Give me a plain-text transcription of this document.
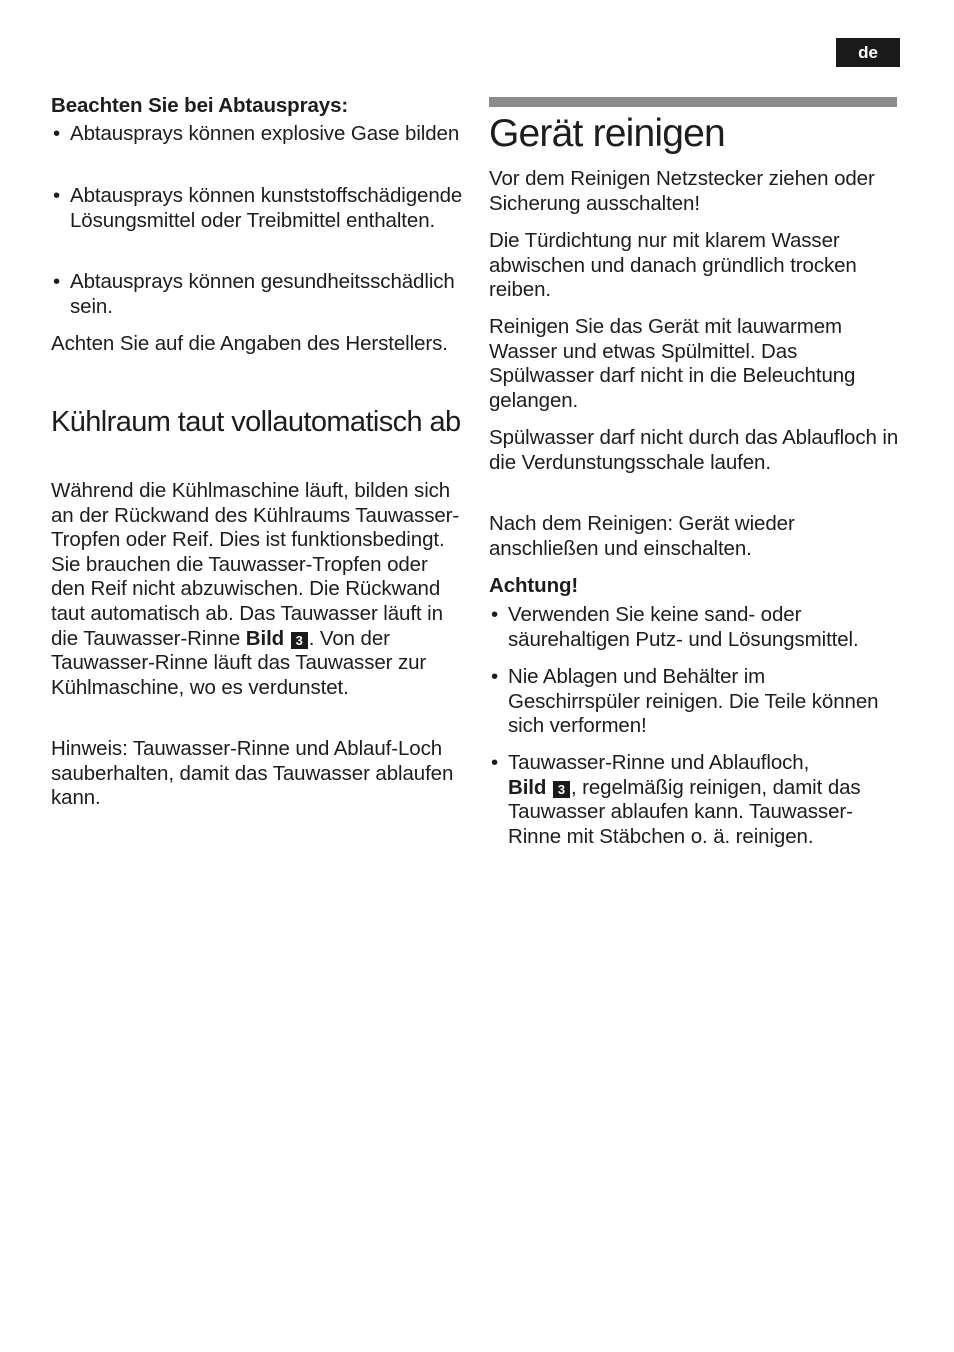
de

Beachten Sie bei Abtausprays:

• Abtausprays können explosive Gase bilden

• Abtausprays können kunststoffschädigende Lösungsmittel oder Treibmittel enthalten.

• Abtausprays können gesundheitsschädlich sein.

Achten Sie auf die Angaben des Herstellers.

Kühlraum taut vollautomatisch ab

Während die Kühlmaschine läuft, bilden sich an der Rückwand des Kühlraums Tauwasser-Tropfen oder Reif. Dies ist funktionsbedingt. Sie brauchen die Tauwasser-Tropfen oder den Reif nicht abzuwischen. Die Rückwand taut automatisch ab. Das Tauwasser läuft in die Tauwasser-Rinne Bild 3 . Von der Tauwasser-Rinne läuft das Tauwasser zur Kühlmaschine, wo es verdunstet.

Hinweis: Tauwasser-Rinne und Ablauf-Loch sauberhalten, damit das Tauwasser ablaufen kann.

Gerät reinigen

Vor dem Reinigen Netzstecker ziehen oder Sicherung ausschalten!

Die Türdichtung nur mit klarem Wasser abwischen und danach gründlich trocken reiben.

Reinigen Sie das Gerät mit lauwarmem Wasser und etwas Spülmittel. Das Spülwasser darf nicht in die Beleuchtung gelangen.

Spülwasser darf nicht durch das Ablaufloch in die Verdunstungsschale laufen.

Nach dem Reinigen: Gerät wieder anschließen und einschalten.

Achtung!

• Verwenden Sie keine sand- oder säurehaltigen Putz- und Lösungsmittel.

• Nie Ablagen und Behälter im Geschirrspüler reinigen. Die Teile können sich verformen!

• Tauwasser-Rinne und Ablaufloch,
Bild 3 , regelmäßig reinigen, damit das Tauwasser ablaufen kann. Tauwasser-Rinne mit Stäbchen o. ä. reinigen.
